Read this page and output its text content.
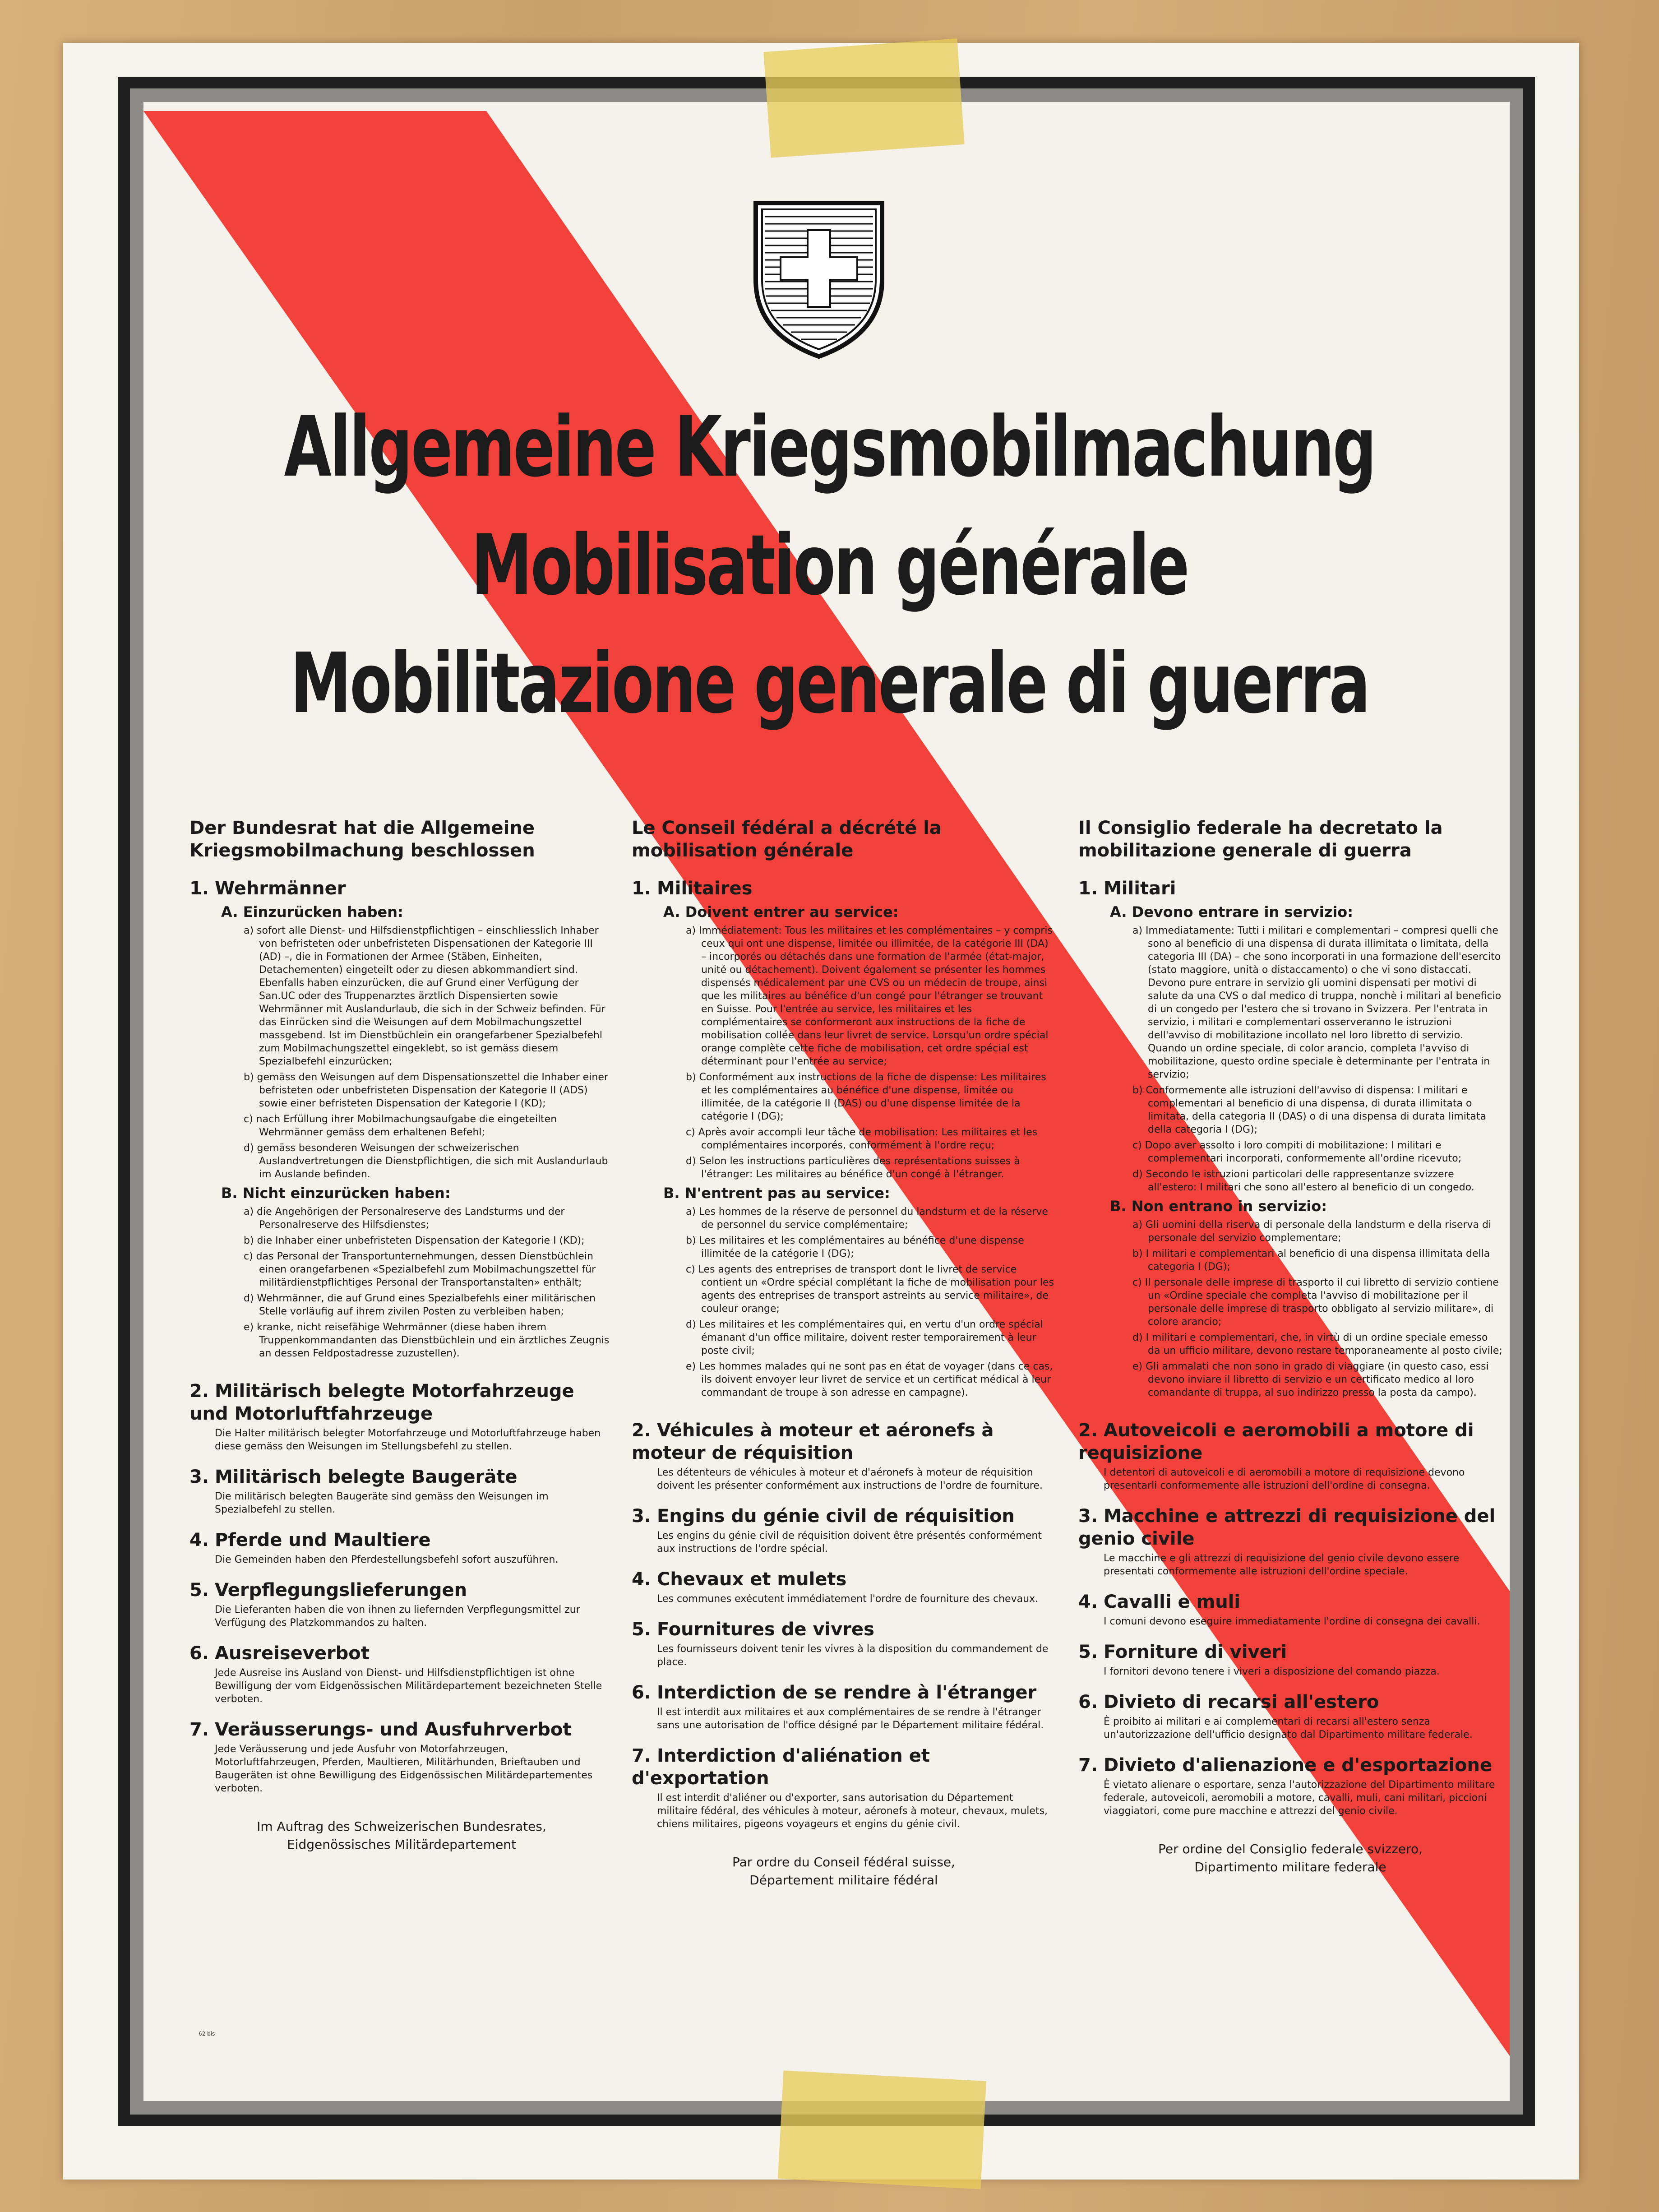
Allgemeine Kriegsmobilmachung
Mobilisation générale
Mobilitazione generale di guerra
Der Bundesrat hat die Allgemeine Kriegsmobilmachung beschlossen
1. Wehrmänner
A. Einzurücken haben:
a) sofort alle Dienst- und Hilfsdienstpflichtigen – einschliesslich Inhaber von befristeten oder unbefristeten Dispensationen der Kategorie III (AD) –, die in Formationen der Armee (Stäben, Einheiten, Detachementen) eingeteilt oder zu diesen abkommandiert sind. Ebenfalls haben einzurücken, die auf Grund einer Verfügung der San.UC oder des Truppenarztes ärztlich Dispensierten sowie Wehrmänner mit Auslandurlaub, die sich in der Schweiz befinden. Für das Einrücken sind die Weisungen auf dem Mobilmachungszettel massgebend. Ist im Dienstbüchlein ein orangefarbener Spezialbefehl zum Mobilmachungszettel eingeklebt, so ist gemäss diesem Spezialbefehl einzurücken;
b) gemäss den Weisungen auf dem Dispensationszettel die Inhaber einer befristeten oder unbefristeten Dispensation der Kategorie II (ADS) sowie einer befristeten Dispensation der Kategorie I (KD);
c) nach Erfüllung ihrer Mobilmachungsaufgabe die eingeteilten Wehrmänner gemäss dem erhaltenen Befehl;
d) gemäss besonderen Weisungen der schweizerischen Auslandvertretungen die Dienstpflichtigen, die sich mit Auslandurlaub im Auslande befinden.
B. Nicht einzurücken haben:
a) die Angehörigen der Personalreserve des Landsturms und der Personalreserve des Hilfsdienstes;
b) die Inhaber einer unbefristeten Dispensation der Kategorie I (KD);
c) das Personal der Transportunternehmungen, dessen Dienstbüchlein einen orangefarbenen «Spezialbefehl zum Mobilmachungszettel für militärdienstpflichtiges Personal der Transportanstalten» enthält;
d) Wehrmänner, die auf Grund eines Spezialbefehls einer militärischen Stelle vorläufig auf ihrem zivilen Posten zu verbleiben haben;
e) kranke, nicht reisefähige Wehrmänner (diese haben ihrem Truppenkommandanten das Dienstbüchlein und ein ärztliches Zeugnis an dessen Feldpostadresse zuzustellen).
2. Militärisch belegte Motorfahrzeuge und Motorluftfahrzeuge
Die Halter militärisch belegter Motorfahrzeuge und Motorluftfahrzeuge haben diese gemäss den Weisungen im Stellungsbefehl zu stellen.
3. Militärisch belegte Baugeräte
Die militärisch belegten Baugeräte sind gemäss den Weisungen im Spezialbefehl zu stellen.
4. Pferde und Maultiere
Die Gemeinden haben den Pferdestellungsbefehl sofort auszuführen.
5. Verpflegungslieferungen
Die Lieferanten haben die von ihnen zu liefernden Verpflegungsmittel zur Verfügung des Platzkommandos zu halten.
6. Ausreiseverbot
Jede Ausreise ins Ausland von Dienst- und Hilfsdienstpflichtigen ist ohne Bewilligung der vom Eidgenössischen Militärdepartement bezeichneten Stelle verboten.
7. Veräusserungs- und Ausfuhrverbot
Jede Veräusserung und jede Ausfuhr von Motorfahrzeugen, Motorluftfahrzeugen, Pferden, Maultieren, Militärhunden, Brieftauben und Baugeräten ist ohne Bewilligung des Eidgenössischen Militärdepartementes verboten.
Im Auftrag des Schweizerischen Bundesrates,
Eidgenössisches Militärdepartement
Le Conseil fédéral a décrété la mobilisation générale
1. Militaires
A. Doivent entrer au service:
a) Immédiatement: Tous les militaires et les complémentaires – y compris ceux qui ont une dispense, limitée ou illimitée, de la catégorie III (DA) – incorporés ou détachés dans une formation de l'armée (état-major, unité ou détachement). Doivent également se présenter les hommes dispensés médicalement par une CVS ou un médecin de troupe, ainsi que les militaires au bénéfice d'un congé pour l'étranger se trouvant en Suisse. Pour l'entrée au service, les militaires et les complémentaires se conformeront aux instructions de la fiche de mobilisation collée dans leur livret de service. Lorsqu'un ordre spécial orange complète cette fiche de mobilisation, cet ordre spécial est déterminant pour l'entrée au service;
b) Conformément aux instructions de la fiche de dispense: Les militaires et les complémentaires au bénéfice d'une dispense, limitée ou illimitée, de la catégorie II (DAS) ou d'une dispense limitée de la catégorie I (DG);
c) Après avoir accompli leur tâche de mobilisation: Les militaires et les complémentaires incorporés, conformément à l'ordre reçu;
d) Selon les instructions particulières des représentations suisses à l'étranger: Les militaires au bénéfice d'un congé à l'étranger.
B. N'entrent pas au service:
a) Les hommes de la réserve de personnel du landsturm et de la réserve de personnel du service complémentaire;
b) Les militaires et les complémentaires au bénéfice d'une dispense illimitée de la catégorie I (DG);
c) Les agents des entreprises de transport dont le livret de service contient un «Ordre spécial complétant la fiche de mobilisation pour les agents des entreprises de transport astreints au service militaire», de couleur orange;
d) Les militaires et les complémentaires qui, en vertu d'un ordre spécial émanant d'un office militaire, doivent rester temporairement à leur poste civil;
e) Les hommes malades qui ne sont pas en état de voyager (dans ce cas, ils doivent envoyer leur livret de service et un certificat médical à leur commandant de troupe à son adresse en campagne).
2. Véhicules à moteur et aéronefs à moteur de réquisition
Les détenteurs de véhicules à moteur et d'aéronefs à moteur de réquisition doivent les présenter conformément aux instructions de l'ordre de fourniture.
3. Engins du génie civil de réquisition
Les engins du génie civil de réquisition doivent être présentés conformément aux instructions de l'ordre spécial.
4. Chevaux et mulets
Les communes exécutent immédiatement l'ordre de fourniture des chevaux.
5. Fournitures de vivres
Les fournisseurs doivent tenir les vivres à la disposition du commandement de place.
6. Interdiction de se rendre à l'étranger
Il est interdit aux militaires et aux complémentaires de se rendre à l'étranger sans une autorisation de l'office désigné par le Département militaire fédéral.
7. Interdiction d'aliénation et d'exportation
Il est interdit d'aliéner ou d'exporter, sans autorisation du Département militaire fédéral, des véhicules à moteur, aéronefs à moteur, chevaux, mulets, chiens militaires, pigeons voyageurs et engins du génie civil.
Par ordre du Conseil fédéral suisse,
Département militaire fédéral
Il Consiglio federale ha decretato la mobilitazione generale di guerra
1. Militari
A. Devono entrare in servizio:
a) Immediatamente: Tutti i militari e complementari – compresi quelli che sono al beneficio di una dispensa di durata illimitata o limitata, della categoria III (DA) – che sono incorporati in una formazione dell'esercito (stato maggiore, unità o distaccamento) o che vi sono distaccati. Devono pure entrare in servizio gli uomini dispensati per motivi di salute da una CVS o dal medico di truppa, nonchè i militari al beneficio di un congedo per l'estero che si trovano in Svizzera. Per l'entrata in servizio, i militari e complementari osserveranno le istruzioni dell'avviso di mobilitazione incollato nel loro libretto di servizio. Quando un ordine speciale, di color arancio, completa l'avviso di mobilitazione, questo ordine speciale è determinante per l'entrata in servizio;
b) Conformemente alle istruzioni dell'avviso di dispensa: I militari e complementari al beneficio di una dispensa, di durata illimitata o limitata, della categoria II (DAS) o di una dispensa di durata limitata della categoria I (DG);
c) Dopo aver assolto i loro compiti di mobilitazione: I militari e complementari incorporati, conformemente all'ordine ricevuto;
d) Secondo le istruzioni particolari delle rappresentanze svizzere all'estero: I militari che sono all'estero al beneficio di un congedo.
B. Non entrano in servizio:
a) Gli uomini della riserva di personale della landsturm e della riserva di personale del servizio complementare;
b) I militari e complementari al beneficio di una dispensa illimitata della categoria I (DG);
c) Il personale delle imprese di trasporto il cui libretto di servizio contiene un «Ordine speciale che completa l'avviso di mobilitazione per il personale delle imprese di trasporto obbligato al servizio militare», di colore arancio;
d) I militari e complementari, che, in virtù di un ordine speciale emesso da un ufficio militare, devono restare temporaneamente al posto civile;
e) Gli ammalati che non sono in grado di viaggiare (in questo caso, essi devono inviare il libretto di servizio e un certificato medico al loro comandante di truppa, al suo indirizzo presso la posta da campo).
2. Autoveicoli e aeromobili a motore di requisizione
I detentori di autoveicoli e di aeromobili a motore di requisizione devono presentarli conformemente alle istruzioni dell'ordine di consegna.
3. Macchine e attrezzi di requisizione del genio civile
Le macchine e gli attrezzi di requisizione del genio civile devono essere presentati conformemente alle istruzioni dell'ordine speciale.
4. Cavalli e muli
I comuni devono eseguire immediatamente l'ordine di consegna dei cavalli.
5. Forniture di viveri
I fornitori devono tenere i viveri a disposizione del comando piazza.
6. Divieto di recarsi all'estero
È proibito ai militari e ai complementari di recarsi all'estero senza un'autorizzazione dell'ufficio designato dal Dipartimento militare federale.
7. Divieto d'alienazione e d'esportazione
È vietato alienare o esportare, senza l'autorizzazione del Dipartimento militare federale, autoveicoli, aeromobili a motore, cavalli, muli, cani militari, piccioni viaggiatori, come pure macchine e attrezzi del genio civile.
Per ordine del Consiglio federale svizzero,
Dipartimento militare federale
62 bis
